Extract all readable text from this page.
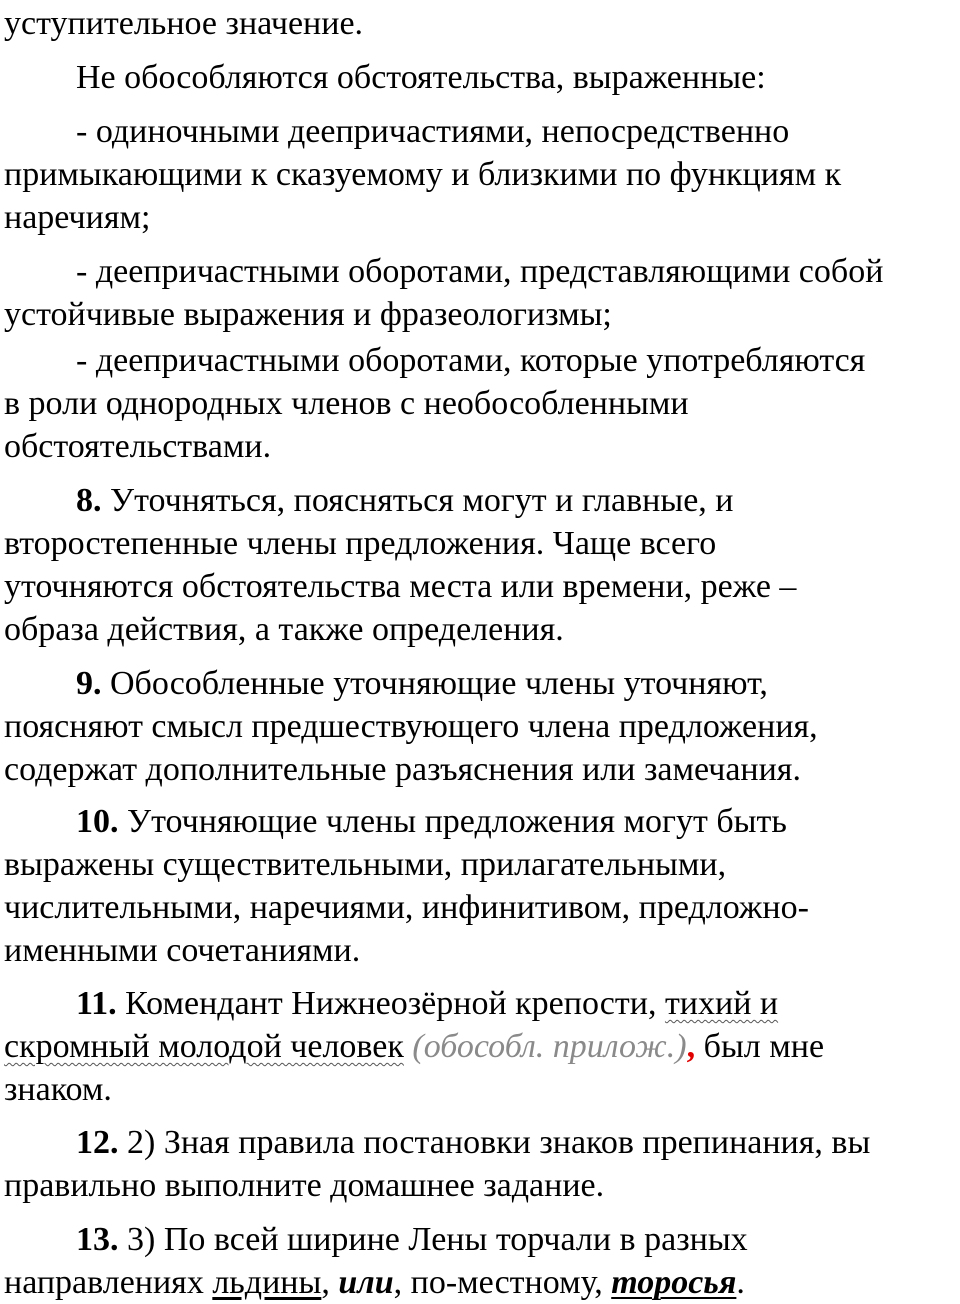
уступительное значение.

Не обособляются обстоятельства, выраженные:

- одиночными деепричастиями, непосредственно
примыкающими к сказуемому и близкими по функциям к
наречиям;

- деепричастными оборотами, представляющими собой
устойчивые выражения и фразеологизмы;

- деепричастными оборотами, которые употребляются
в роли однородных членов с необособленными
обстоятельствами.

8. Уточняться, поясняться могут и главные, и
второстепенные члены предложения. Чаще всего
уточняются обстоятельства места или времени, реже –
образа действия, а также определения.

9. Обособленные уточняющие члены уточняют,
поясняют смысл предшествующего члена предложения,
содержат дополнительные разъяснения или замечания.

10. Уточняющие члены предложения могут быть
выражены существительными, прилагательными,
числительными, наречиями, инфинитивом, предложно-
именными сочетаниями.

11. Комендант Нижнеозёрной крепости, тихий и
скромный молодой человек (обособл. прилож.), был мне
знаком.

12. 2) Зная правила постановки знаков препинания, вы
правильно выполните домашнее задание.

13. 3) По всей ширине Лены торчали в разных
направлениях льдины, или, по-местному, торосья.
